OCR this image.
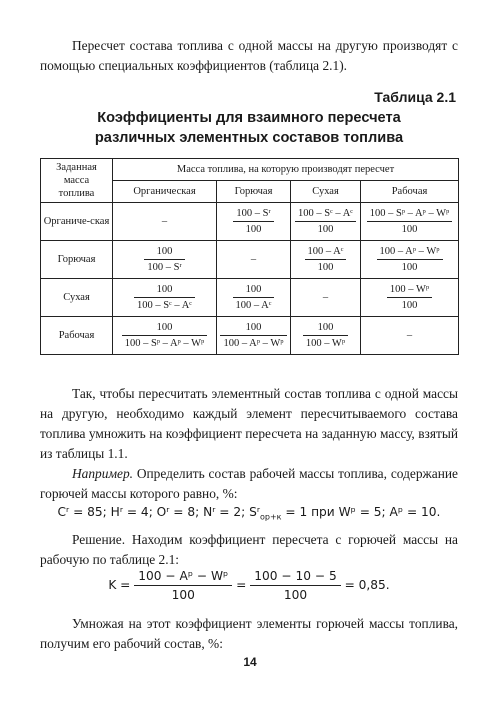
Пересчет состава топлива с одной массы на другую производят с помощью специальных коэффициентов (таблица 2.1).

Таблица 2.1
Коэффициенты для взаимного пересчета
различных элементных составов топлива
Заданная масса топлива	Масса топлива, на которую производят пересчет			
	Органическая	Горючая	Сухая	Рабочая
Органиче-ская	–	$\frac{\text{100 – Sʳ}}{100}$	$\frac{\text{100 – Sᶜ – Aᶜ}}{100}$	$\frac{\text{100 – Sᵖ – Aᵖ – Wᵖ}}{100}$

Горючая	$\frac{100}{\text{100 – Sʳ}}$	–	$\frac{\text{100 – Aᶜ}}{100}$	$\frac{\text{100 – Aᵖ – Wᵖ}}{100}$

Сухая	$\frac{100}{\text{100 – Sᶜ – Aᶜ}}$	$\frac{100}{\text{100 – Aᶜ}}$	–	$\frac{\text{100 – Wᵖ}}{100}$

Рабочая	$\frac{100}{\text{100 – Sᵖ – Aᵖ – Wᵖ}}$	$\frac{100}{\text{100 – Aᵖ – Wᵖ}}$	$\frac{100}{\text{100 – Wᵖ}}$	–

Так, чтобы пересчитать элементный состав топлива с одной массы на другую, необходимо каждый элемент пересчитываемого состава топлива умножить на коэффициент пересчета на заданную массу, взятый из таблицы 1.1.

Например. Определить состав рабочей массы топлива, содержание горючей массы которого равно, %:

Cʳ = 85; Hʳ = 4; Oʳ = 8; Nʳ = 2; Sʳ$_{ор+к}$ = 1 при Wᵖ = 5; Aᵖ = 10.

Решение. Находим коэффициент пересчета с горючей массы на рабочую по таблице 2.1:

$K = \frac{\text{100 − Aᵖ − Wᵖ}}{100} = \frac{100 - 10 - 5}{100} = 0,85$.

Умножая на этот коэффициент элементы горючей массы топлива, получим его рабочий состав, %:

14
